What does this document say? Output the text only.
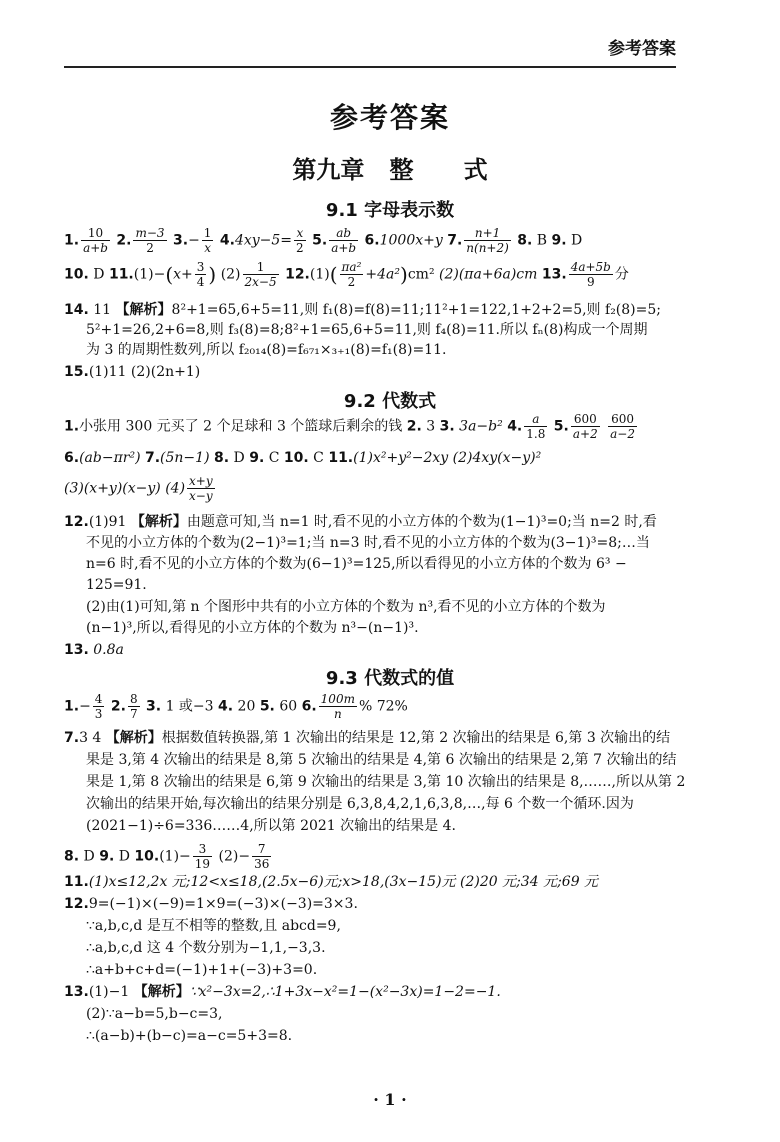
参考答案
参考答案
第九章   整      式
9.1 字母表示数
1. $\frac{10}{a+b} 2$. $\frac{m-3}{2} 3.- \frac{1}{x} 4.4xy-5= \frac{x}{2} 5$. $\frac{ab}{a+b} 6.1000x+y$ 7. $\frac{n+1}{n(n+2)} 8$. B 9. D
10. D $11.(1)-(x+ \frac{3}{4}$ ) $(2) \frac{1}{2x-5} 12.(1)( \frac{\text{πa²}}{2} +4a^2)cm^2$ (2)(πa+6a)cm 13. $\frac{4a+5b}{9}$ 分
14. 11 【解析】8²+1=65,6+5=11,则 f₁(8)=f(8)=11;11²+1=122,1+2+2=5,则 f₂(8)=5;
5²+1=26,2+6=8,则 f₃(8)=8;8²+1=65,6+5=11,则 f₄(8)=11.所以 fₙ(8)构成一个周期
为 3 的周期性数列,所以 f₂₀₁₄(8)=f₆₇₁×₃₊₁(8)=f₁(8)=11.
15.(1)11 (2)(2n+1)
9.2 代数式
1.小张用 300 元买了 2 个足球和 3 个篮球后剩余的钱 2. 3 3. 3a−b² 4. $\frac{a}{1.8} 5$. $\frac{600}{a+2}$
$\frac{600}{a-2}$
6.(ab−πr²) 7.(5n−1) 8. D 9. C 10. C 11.(1)x²+y²−2xy (2)4xy(x−y)²
(3)(x+y)(x−y) $(4) \frac{x+y}{x-y}$
12.(1)91 【解析】由题意可知,当 n=1 时,看不见的小立方体的个数为(1−1)³=0;当 n=2 时,看
不见的小立方体的个数为(2−1)³=1;当 n=3 时,看不见的小立方体的个数为(3−1)³=8;…当
n=6 时,看不见的小立方体的个数为(6−1)³=125,所以看得见的小立方体的个数为 6³ −
125=91.
(2)由(1)可知,第 n 个图形中共有的小立方体的个数为 n³,看不见的小立方体的个数为
(n−1)³,所以,看得见的小立方体的个数为 n³−(n−1)³.
13. 0.8a
9.3 代数式的值
$1.- \frac{4}{3} 2$. $\frac{8}{7} 3$. 1 或−3 4. 20 5. 60 6. $\frac{100m}{n}$ % 72%
7.3 4 【解析】根据数值转换器,第 1 次输出的结果是 12,第 2 次输出的结果是 6,第 3 次输出的结
果是 3,第 4 次输出的结果是 8,第 5 次输出的结果是 4,第 6 次输出的结果是 2,第 7 次输出的结
果是 1,第 8 次输出的结果是 6,第 9 次输出的结果是 3,第 10 次输出的结果是 8,……,所以从第 2
次输出的结果开始,每次输出的结果分别是 6,3,8,4,2,1,6,3,8,…,每 6 个数一个循环.因为
(2021−1)÷6=336……4,所以第 2021 次输出的结果是 4.
8. D 9. D $10.(1)- \frac{3}{19} (2)- \frac{7}{36}$
11.(1)x≤12,2x 元;12<x≤18,(2.5x−6)元;x>18,(3x−15)元 (2)20 元;34 元;69 元
12.9=(−1)×(−9)=1×9=(−3)×(−3)=3×3.
∵a,b,c,d 是互不相等的整数,且 abcd=9,
∴a,b,c,d 这 4 个数分别为−1,1,−3,3.
∴a+b+c+d=(−1)+1+(−3)+3=0.
13.(1)−1 【解析】∵x²−3x=2,∴1+3x−x²=1−(x²−3x)=1−2=−1.
(2)∵a−b=5,b−c=3,
∴(a−b)+(b−c)=a−c=5+3=8.
· 1 ·
